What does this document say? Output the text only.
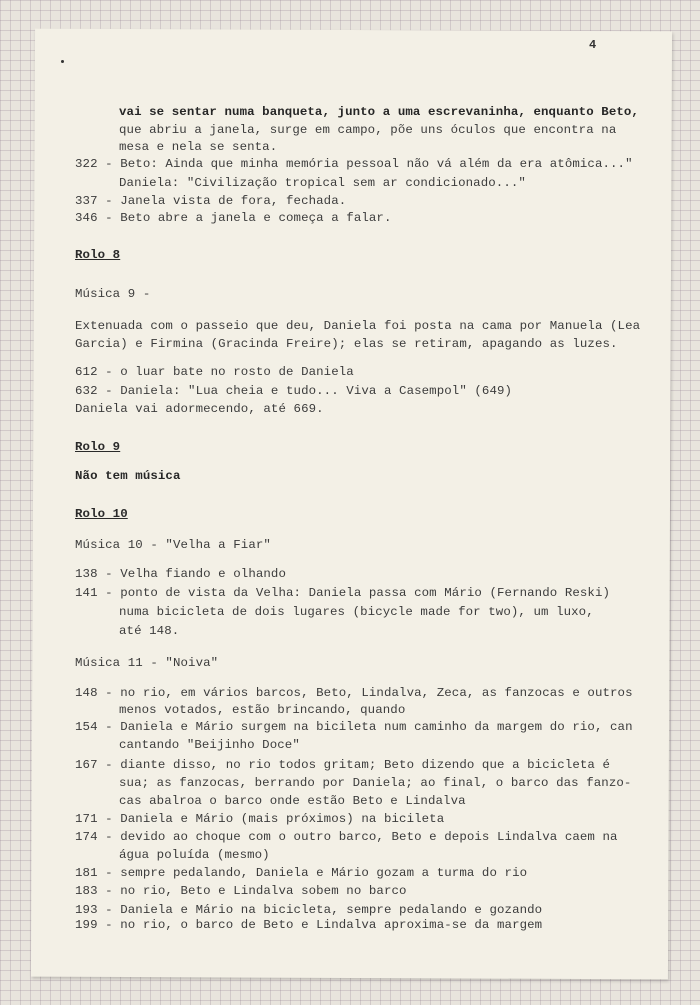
4
vai se sentar numa banqueta, junto a uma escrevaninha, enquanto Beto,
que abriu a janela, surge em campo, põe uns óculos que encontra na
mesa e nela se senta.
322 - Beto: Ainda que minha memória pessoal não vá além da era atômica..."
Daniela: "Civilização tropical sem ar condicionado..."
337 - Janela vista de fora, fechada.
346 - Beto abre a janela e começa a falar.
Rolo 8
Música 9 -
Extenuada com o passeio que deu, Daniela foi posta na cama por Manuela (Lea
Garcia) e Firmina (Gracinda Freire); elas se retiram, apagando as luzes.
612 - o luar bate no rosto de Daniela
632 - Daniela: "Lua cheia e tudo... Viva a Casempol" (649)
Daniela vai adormecendo, até 669.
Rolo 9
Não tem música
Rolo 10
Música 10 - "Velha a Fiar"
138 - Velha fiando e olhando
141 - ponto de vista da Velha: Daniela passa com Mário (Fernando Reski)
numa bicicleta de dois lugares (bicycle made for two), um luxo,
até 148.
Música 11 - "Noiva"
148 - no rio, em vários barcos, Beto, Lindalva, Zeca, as fanzocas e outros
menos votados, estão brincando, quando
154 - Daniela e Mário surgem na bicileta num caminho da margem do rio, can
cantando "Beijinho Doce"
167 - diante disso, no rio todos gritam; Beto dizendo que a bicicleta é
sua; as fanzocas, berrando por Daniela; ao final, o barco das fanzo-
cas abalroa o barco onde estão Beto e Lindalva
171 - Daniela e Mário (mais próximos) na bicileta
174 - devido ao choque com o outro barco, Beto e depois Lindalva caem na
água poluída (mesmo)
181 - sempre pedalando, Daniela e Mário gozam a turma do rio
183 - no rio, Beto e Lindalva sobem no barco
193 - Daniela e Mário na bicicleta, sempre pedalando e gozando
199 - no rio, o barco de Beto e Lindalva aproxima-se da margem
